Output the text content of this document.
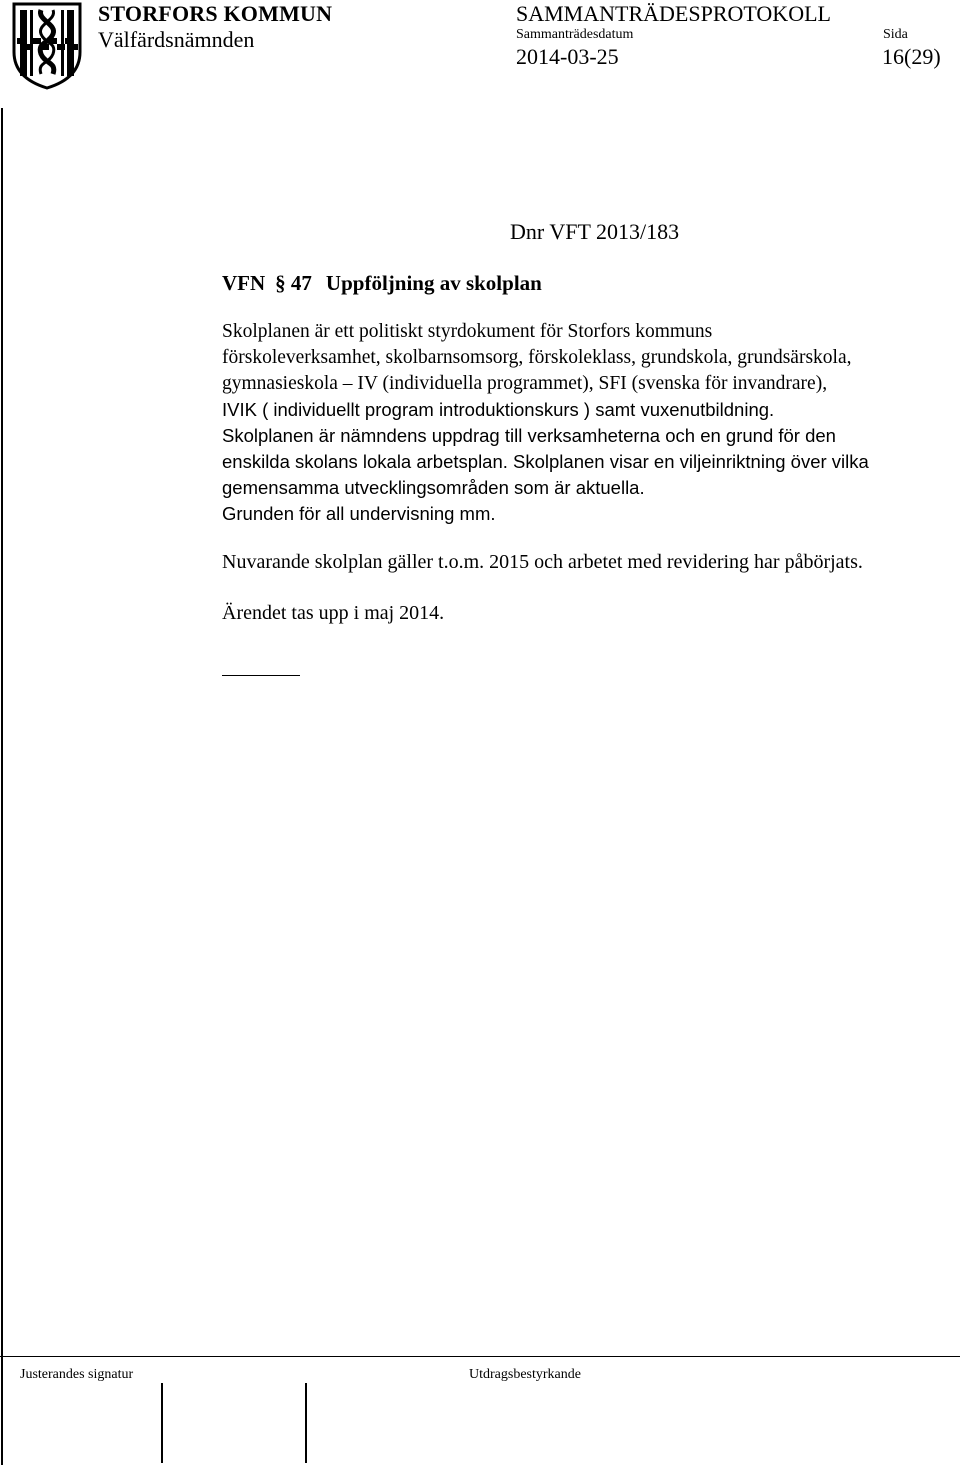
STORFORS KOMMUN
Välfärdsnämnden
SAMMANTRÄDESPROTOKOLL
Sammanträdesdatum	Sida
2014-03-25	16(29)
Dnr VFT 2013/183
VFN § 47 Uppföljning av skolplan
Skolplanen är ett politiskt styrdokument för Storfors kommuns
förskoleverksamhet, skolbarnsomsorg, förskoleklass, grundskola, grundsärskola,
gymnasieskola – IV (individuella programmet), SFI (svenska för invandrare),
IVIK ( individuellt program introduktionskurs ) samt vuxenutbildning.
Skolplanen är nämndens uppdrag till verksamheterna och en grund för den
enskilda skolans lokala arbetsplan. Skolplanen visar en viljeinriktning över vilka
gemensamma utvecklingsområden som är aktuella.
Grunden för all undervisning mm.
Nuvarande skolplan gäller t.o.m. 2015 och arbetet med revidering har påbörjats.
Ärendet tas upp i maj 2014.
Justerandes signatur	Utdragsbestyrkande
